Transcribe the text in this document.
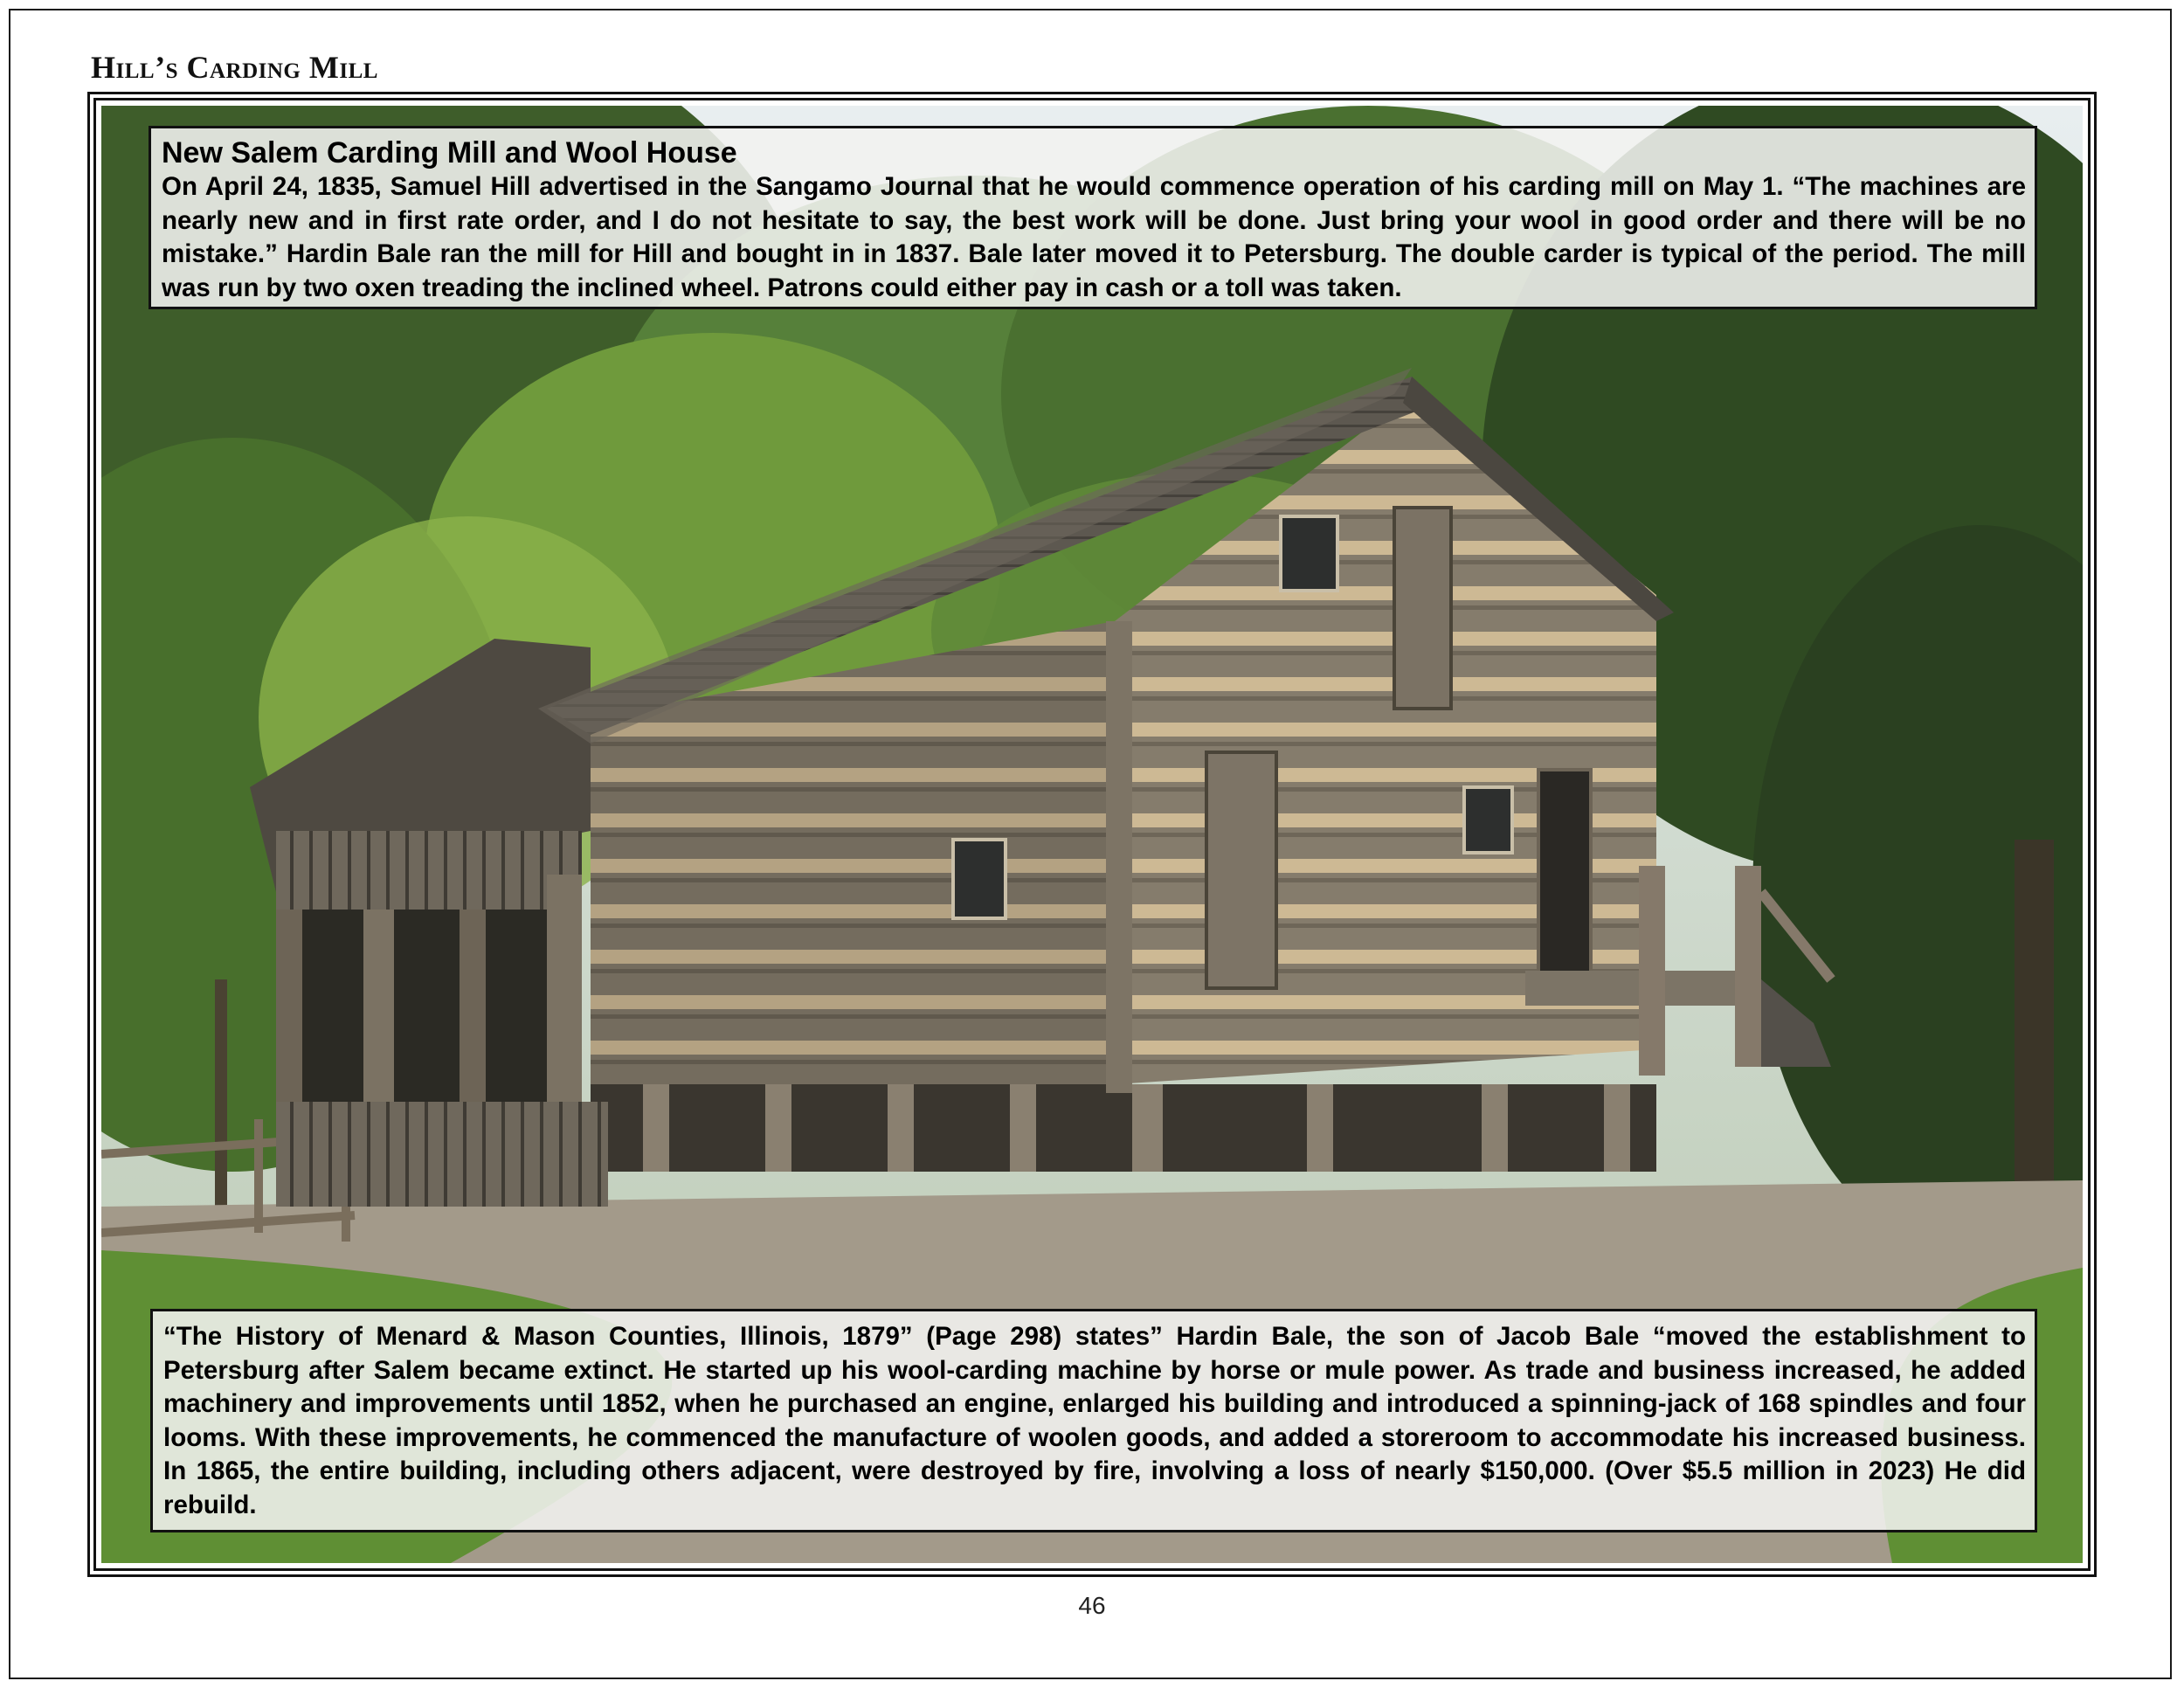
Hill’s Carding Mill
New Salem Carding Mill and Wool House

On April 24, 1835, Samuel Hill advertised in the Sangamo Journal that he would commence operation of his carding mill on May 1. “The machines are nearly new and in first rate order, and I do not hesitate to say, the best work will be done. Just bring your wool in good order and there will be no mistake.” Hardin Bale ran the mill for Hill and bought in in 1837. Bale later moved it to Petersburg. The double carder is typical of the period. The mill was run by two oxen treading the inclined wheel. Patrons could either pay in cash or a toll was taken.

“The History of Menard & Mason Counties, Illinois, 1879” (Page 298) states” Hardin Bale, the son of Jacob Bale “moved the establishment to Petersburg after Salem became extinct. He started up his wool-carding machine by horse or mule power. As trade and business increased, he added machinery and improvements until 1852, when he purchased an engine, enlarged his building and introduced a spinning-jack of 168 spindles and four looms. With these improvements, he commenced the manufacture of woolen goods, and added a storeroom to accommodate his increased business. In 1865, the entire building, including others adjacent, were destroyed by fire, involving a loss of nearly $150,000. (Over $5.5 million in 2023) He did rebuild.

46
